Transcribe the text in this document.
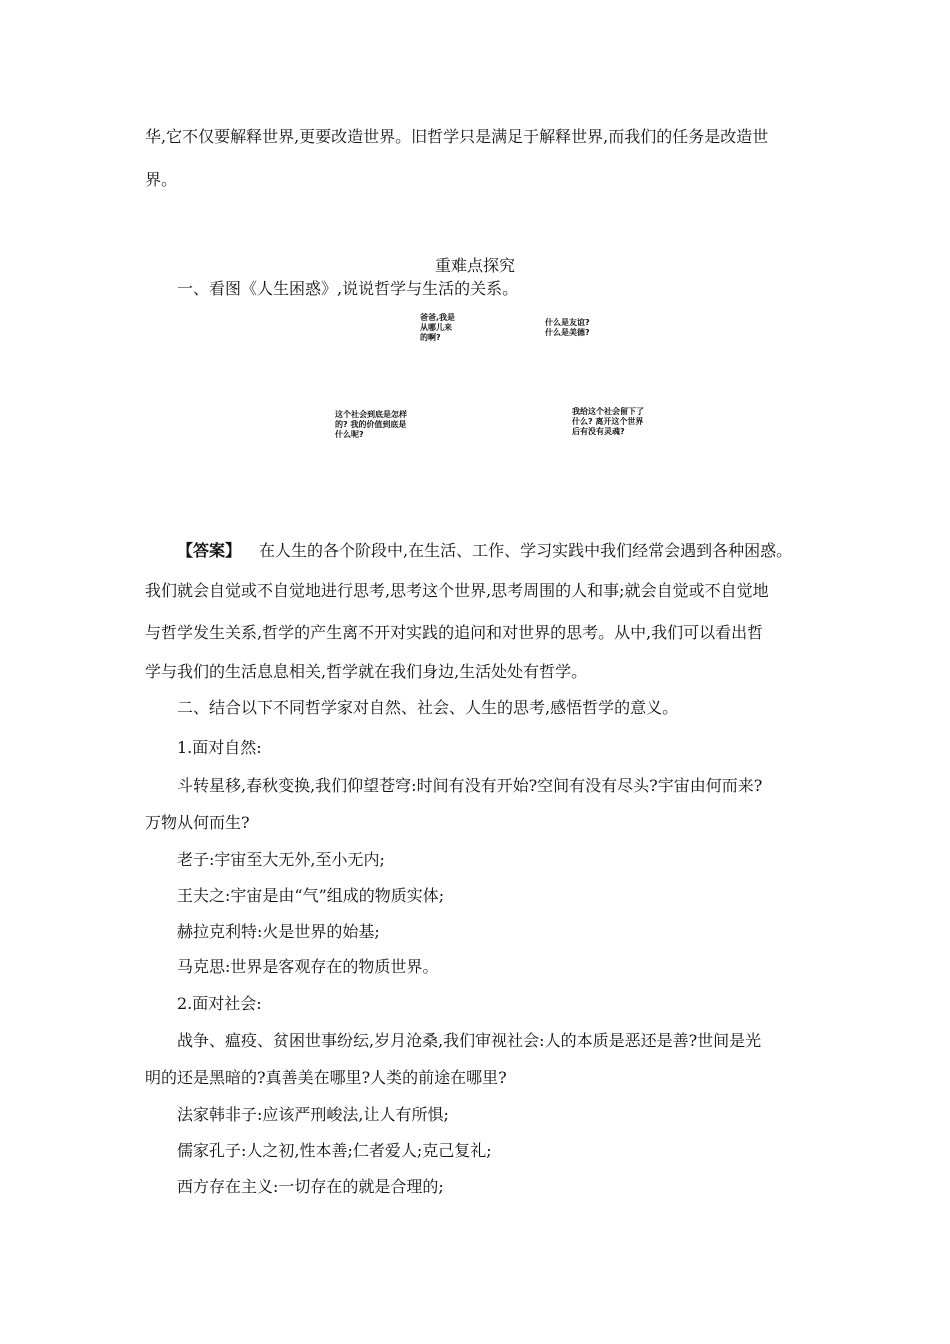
华,它不仅要解释世界,更要改造世界。旧哲学只是满足于解释世界,而我们的任务是改造世
界。
重难点探究
一、看图《人生困惑》,说说哲学与生活的关系。
爸爸,我是
从哪儿来
的啊?
什么是友谊?
什么是美德?
这个社会到底是怎样
的? 我的价值到底是
什么呢?
我给这个社会留下了
什么? 离开这个世界
后有没有灵魂?
【答案】 在人生的各个阶段中,在生活、工作、学习实践中我们经常会遇到各种困惑。
我们就会自觉或不自觉地进行思考,思考这个世界,思考周围的人和事;就会自觉或不自觉地
与哲学发生关系,哲学的产生离不开对实践的追问和对世界的思考。从中,我们可以看出哲
学与我们的生活息息相关,哲学就在我们身边,生活处处有哲学。
二、结合以下不同哲学家对自然、社会、人生的思考,感悟哲学的意义。
1.面对自然:
斗转星移,春秋变换,我们仰望苍穹:时间有没有开始?空间有没有尽头?宇宙由何而来?
万物从何而生?
老子:宇宙至大无外,至小无内;
王夫之:宇宙是由“气”组成的物质实体;
赫拉克利特:火是世界的始基;
马克思:世界是客观存在的物质世界。
2.面对社会:
战争、瘟疫、贫困世事纷纭,岁月沧桑,我们审视社会:人的本质是恶还是善?世间是光
明的还是黑暗的?真善美在哪里?人类的前途在哪里?
法家韩非子:应该严刑峻法,让人有所惧;
儒家孔子:人之初,性本善;仁者爱人;克己复礼;
西方存在主义:一切存在的就是合理的;
